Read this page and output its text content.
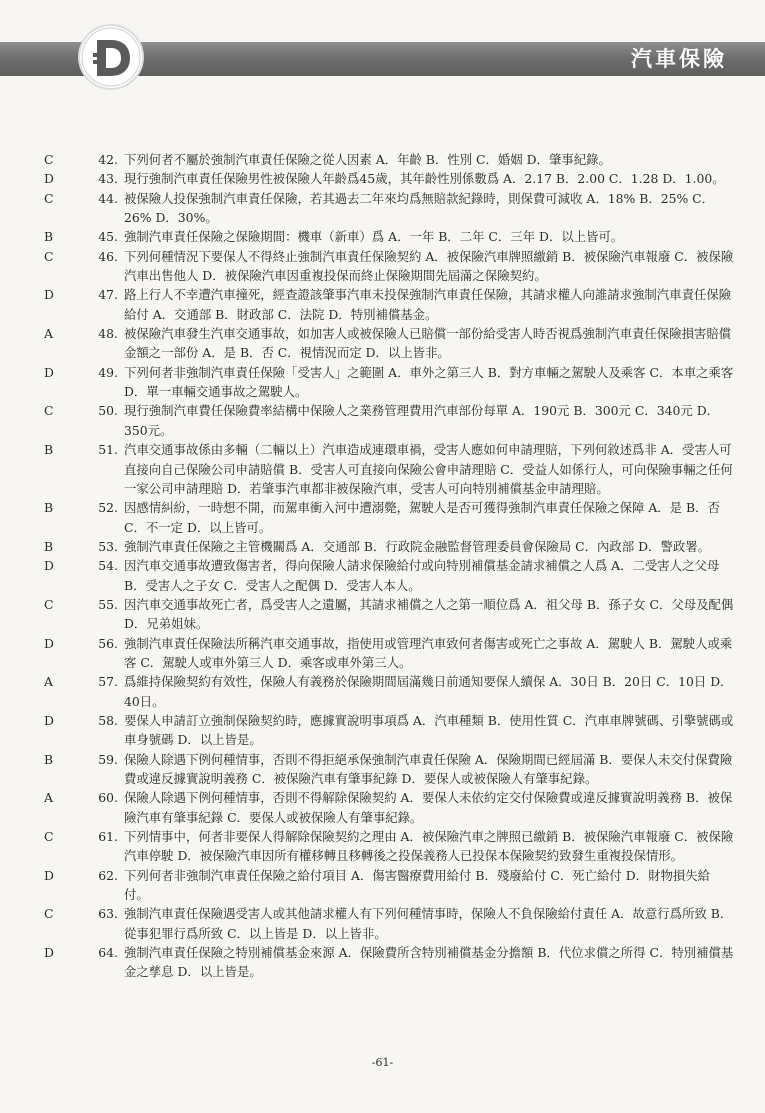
汽車保險
C	42. 下列何者不屬於強制汽車責任保險之從人因素 A．年齡 B．性別 C．婚姻 D．肇事紀錄。
D	43. 現行強制汽車責任保險男性被保險人年齡爲45歲，其年齡性別係數爲 A．2.17 B．2.00 C．1.28 D．1.00。
C	44. 被保險人投保強制汽車責任保險，若其過去二年來均爲無賠款紀錄時，則保費可減收 A．18% B．25% C．26% D．30%。
B	45. 強制汽車責任保險之保險期間：機車（新車）爲 A．一年 B．二年 C．三年 D．以上皆可。
C	46. 下列何種情況下要保人不得終止強制汽車責任保險契約 A．被保險汽車牌照繳銷 B．被保險汽車報廢 C．被保險汽車出售他人 D．被保險汽車因重複投保而終止保險期間先屆滿之保險契約。
D	47. 路上行人不幸遭汽車撞死，經查證該肇事汽車未投保強制汽車責任保險，其請求權人向誰請求強制汽車責任保險給付 A．交通部 B．財政部 C．法院 D．特別補償基金。
A	48. 被保險汽車發生汽車交通事故，如加害人或被保險人已賠償一部份給受害人時否視爲強制汽車責任保險損害賠償金額之一部份 A．是 B．否 C．視情況而定 D．以上皆非。
D	49. 下列何者非強制汽車責任保險「受害人」之範圍 A．車外之第三人 B．對方車輛之駕駛人及乘客 C．本車之乘客 D．單一車輛交通事故之駕駛人。
C	50. 現行強制汽車費任保險費率結構中保險人之業務管理費用汽車部份每單 A．190元 B．300元 C．340元 D．350元。
B	51. 汽車交通事故係由多輛（二輛以上）汽車造成連環車禍，受害人應如何申請理賠，下列何敘述爲非 A．受害人可直接向自己保險公司申請賠償 B．受害人可直接向保險公會申請理賠 C．受益人如係行人，可向保險事輛之任何一家公司申請理賠 D．若肇事汽車都非被保險汽車，受害人可向特別補償基金申請理賠。
B	52. 因感情糾紛，一時想不開，而駕車衝入河中遭溺斃，駕駛人是否可獲得強制汽車責任保險之保障 A．是 B．否 C．不一定 D．以上皆可。
B	53. 強制汽車責任保險之主管機關爲 A．交通部 B．行政院金融監督管理委員會保險局 C．內政部 D．警政署。
D	54. 因汽車交通事故遭致傷害者，得向保險人請求保險給付或向特別補償基金請求補償之人爲 A．二受害人之父母 B．受害人之子女 C．受害人之配偶 D．受害人本人。
C	55. 因汽車交通事故死亡者，爲受害人之遺屬，其請求補償之人之第一順位爲 A．祖父母 B．孫子女 C．父母及配偶 D．兄弟姐妹。
D	56. 強制汽車責任保險法所稱汽車交通事故，指使用或管理汽車致何者傷害或死亡之事故 A．駕駛人 B．駕駛人或乘客 C．駕駛人或車外第三人 D．乘客或車外第三人。
A	57. 爲維持保險契約有效性，保險人有義務於保險期間屆滿幾日前通知要保人續保 A．30日 B．20日 C．10日 D．40日。
D	58. 要保人申請訂立強制保險契約時，應據實說明事項爲 A．汽車種類 B．使用性質 C．汽車車牌號碼、引擎號碼或車身號碼 D．以上皆是。
B	59. 保險人除遇下例何種情事，否則不得拒絕承保強制汽車責任保險 A．保險期間已經屆滿 B．要保人未交付保費險費或違反據實說明義務 C．被保險汽車有肇事紀錄 D．要保人或被保險人有肇事紀錄。
A	60. 保險人除遇下例何種情事，否則不得解除保險契約 A．要保人未依約定交付保險費或違反據實說明義務 B．被保險汽車有肇事紀錄 C．要保人或被保險人有肇事紀錄。
C	61. 下列情事中，何者非要保人得解除保險契約之理由 A．被保險汽車之牌照已繳銷 B．被保險汽車報廢 C．被保險汽車停駛 D．被保險汽車因所有權移轉且移轉後之投保義務人已投保本保險契約致發生重複投保情形。
D	62. 下列何者非強制汽車責任保險之給付項目 A．傷害醫療費用給付 B．殘廢給付 C．死亡給付 D．財物損失給付。
C	63. 強制汽車責任保險遇受害人或其他請求權人有下列何種情事時，保險人不負保險給付責任 A．故意行爲所致 B．從事犯罪行爲所致 C．以上皆是 D．以上皆非。
D	64. 強制汽車責任保險之特別補償基金來源 A．保險費所含特別補償基金分擔額 B．代位求償之所得 C．特別補償基金之孳息 D．以上皆是。
-61-
